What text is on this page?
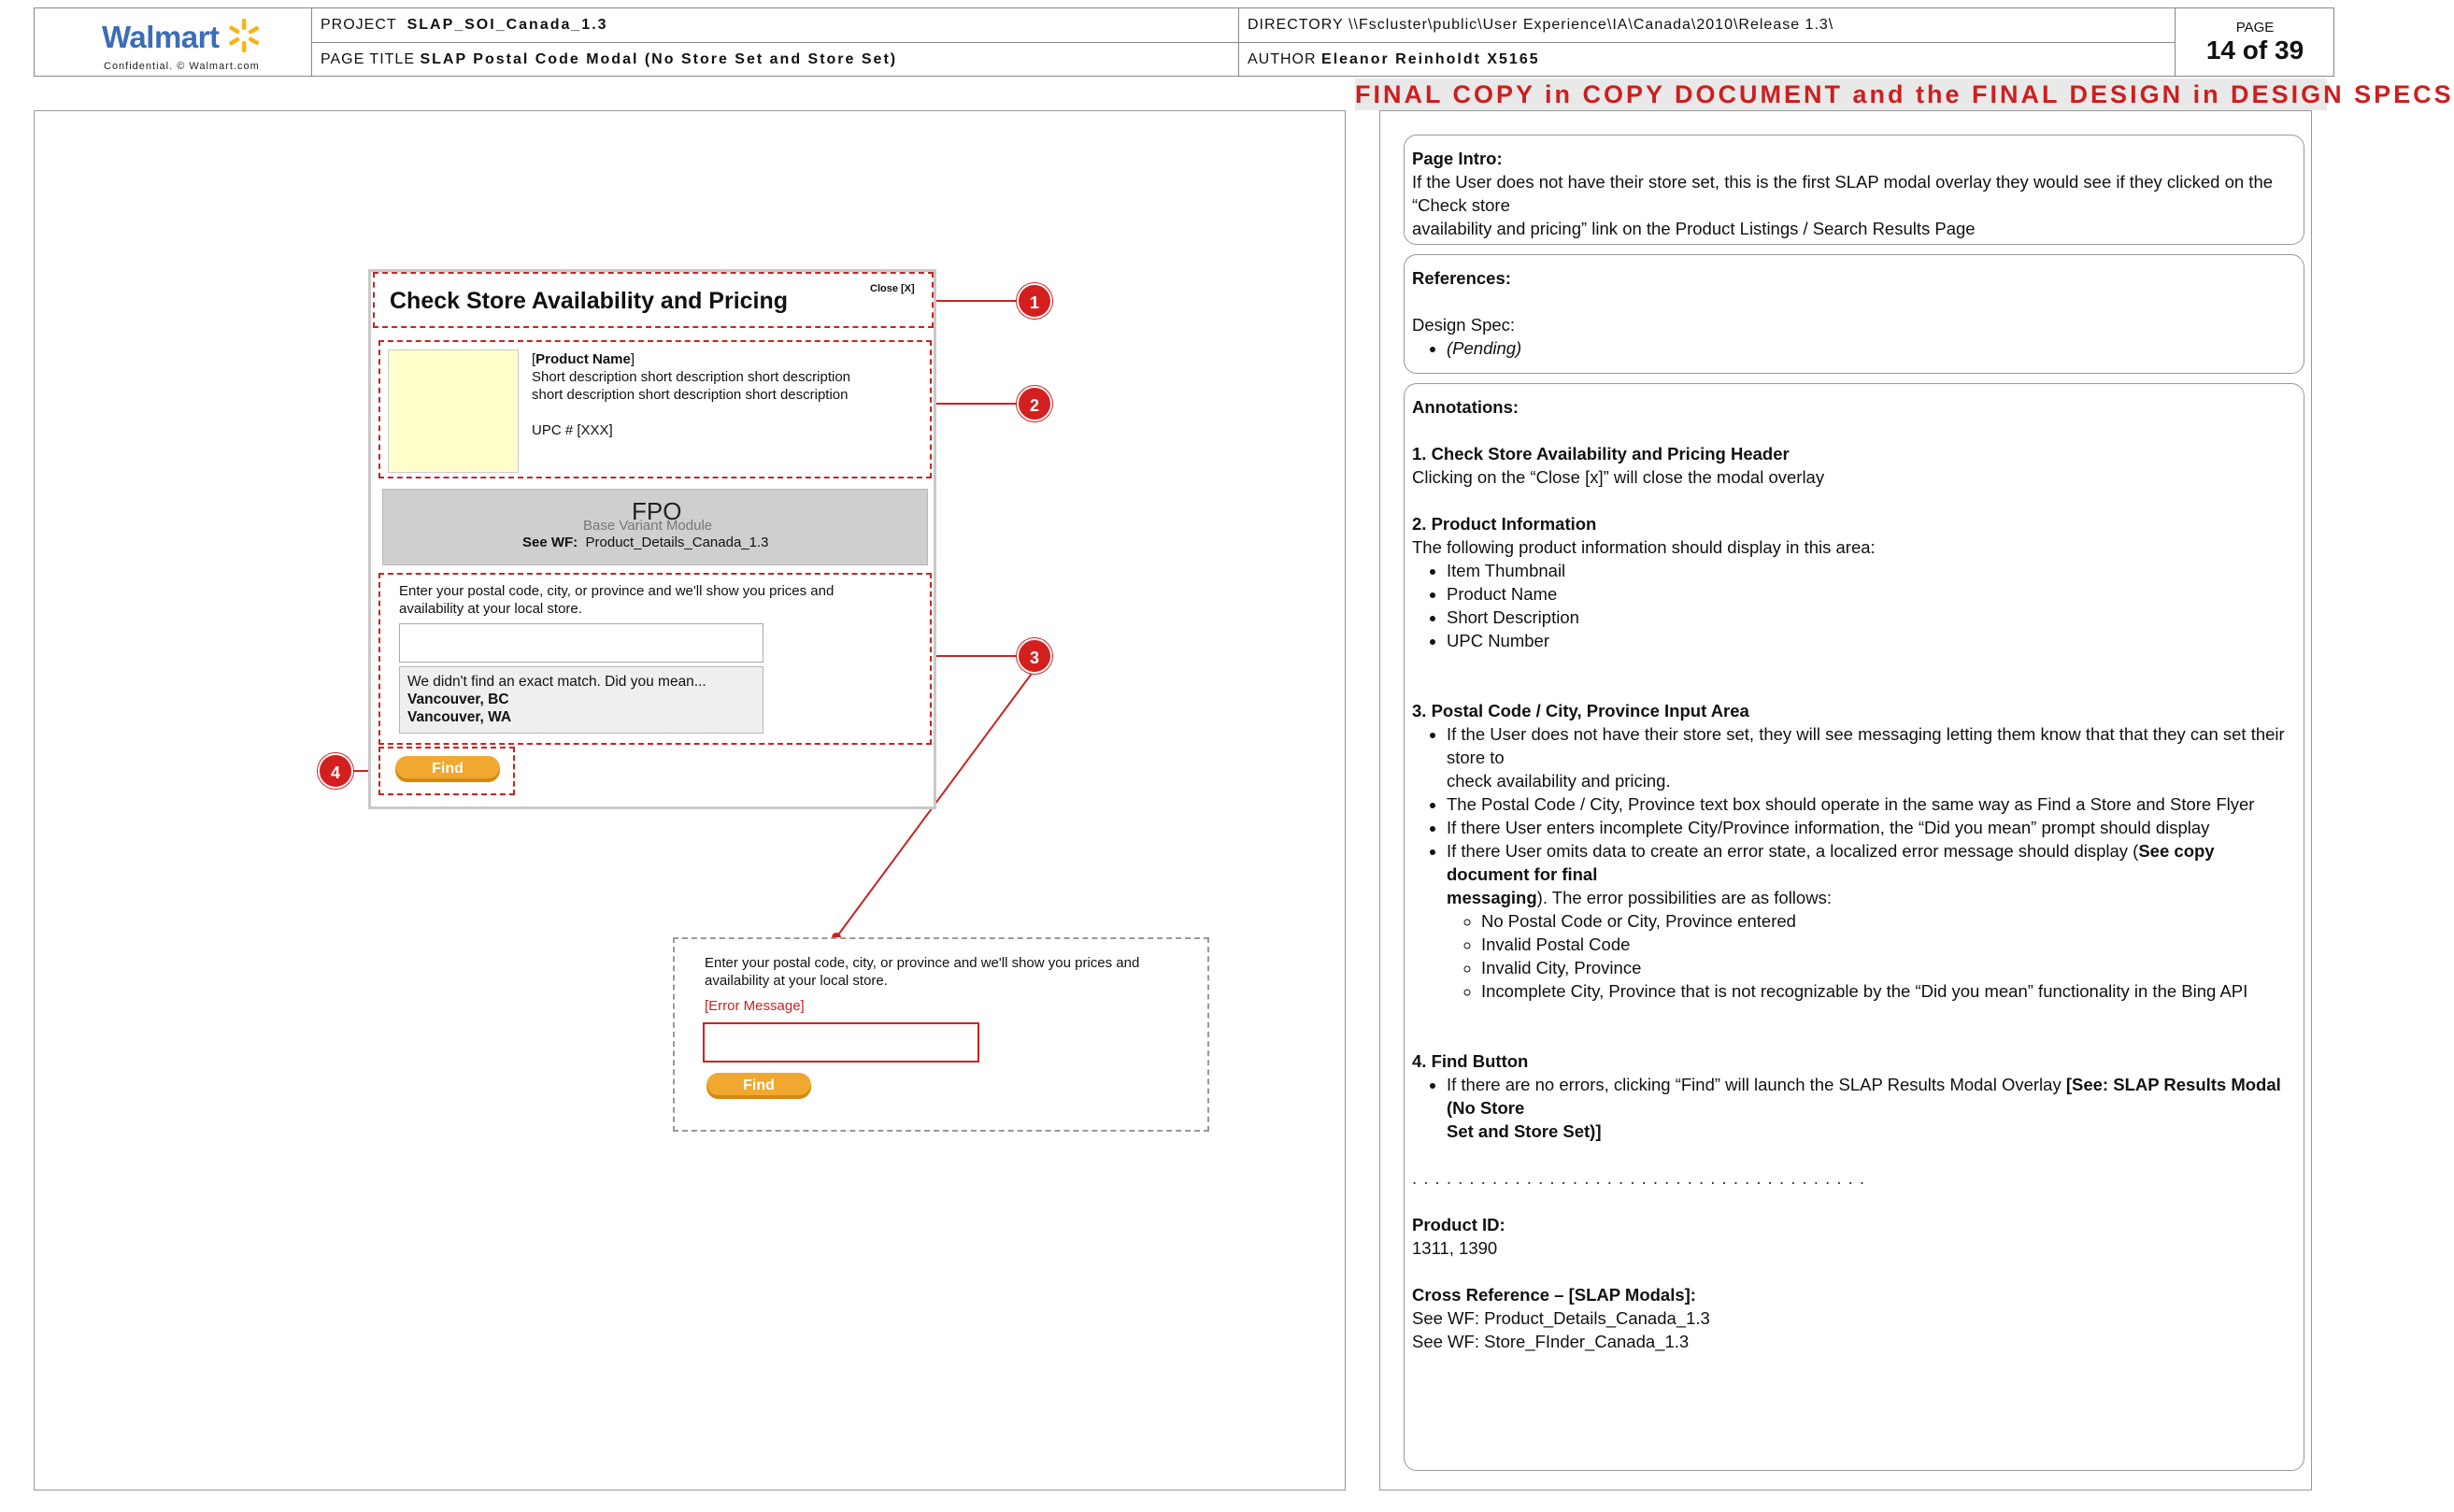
Walmart
Confidential. © Walmart.com
PROJECT
SLAP_SOI_Canada_1.3
PAGE TITLE
SLAP Postal Code Modal (No Store Set and Store Set)
DIRECTORY
\\Fscluster\public\User Experience\IA\Canada\2010\Release 1.3\
AUTHOR
Eleanor Reinholdt X5165
PAGE
14 of 39
FINAL COPY in COPY DOCUMENT and the FINAL DESIGN in DESIGN SPECS
Check Store Availability and Pricing	Close [X]
[Product Name]
Short description short description short description
short description short description short description
UPC # [XXX]
Base Variant Module
FPO
See WF:  Product_Details_Canada_1.3
Enter your postal code, city, or province and we'll show you prices and
availability at your local store.
We didn't find an exact match. Did you mean...
Vancouver, BC
Vancouver, WA
Find
1
2
3
4
Enter your postal code, city, or province and we'll show you prices and
availability at your local store.
[Error Message]
Find

Page Intro:

If the User does not have their store set, this is the first SLAP modal overlay they would see if they clicked on the “Check store

availability and pricing” link on the Product Listings / Search Results Page

References:

Design Spec:

• (Pending)

Annotations:

1. Check Store Availability and Pricing Header

Clicking on the “Close [x]” will close the modal overlay

2. Product Information

The following product information should display in this area:

• Item Thumbnail
• Product Name
• Short Description
• UPC Number

3. Postal Code / City, Province Input Area

• If the User does not have their store set, they will see messaging letting them know that that they can set their store to
check availability and pricing.
• The Postal Code / City, Province text box should operate in the same way as Find a Store and Store Flyer
• If there User enters incomplete City/Province information, the “Did you mean” prompt should display
• If there User omits data to create an error state, a localized error message should display (See copy document for final
messaging). The error possibilities are as follows:
◦ No Postal Code or City, Province entered
◦ Invalid Postal Code
◦ Invalid City, Province
◦ Incomplete City, Province that is not recognizable by the “Did you mean” functionality in the Bing API

4. Find Button

• If there are no errors, clicking “Find” will launch the SLAP Results Modal Overlay [See: SLAP Results Modal (No Store
Set and Store Set)]

. . . . . . . . . . . . . . . . . . . . . . . . . . . . . . . . . . . . . . . .

Product ID:

1311, 1390

Cross Reference – [SLAP Modals]:

See WF: Product_Details_Canada_1.3

See WF: Store_FInder_Canada_1.3
